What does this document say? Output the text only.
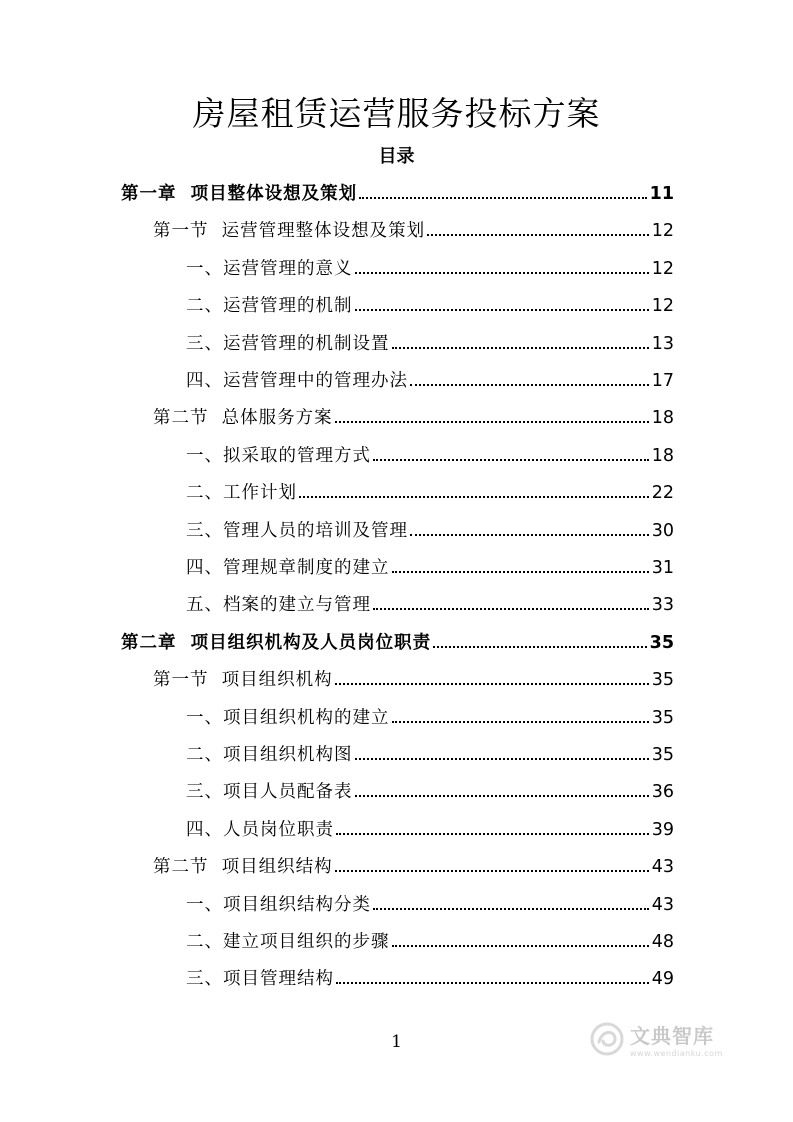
房屋租赁运营服务投标方案
目录
第一章  项目整体设想及策划	11
第一节  运营管理整体设想及策划	12
一、运营管理的意义	12
二、运营管理的机制	12
三、运营管理的机制设置	13
四、运营管理中的管理办法	17
第二节  总体服务方案	18
一、拟采取的管理方式	18
二、工作计划	22
三、管理人员的培训及管理	30
四、管理规章制度的建立	31
五、档案的建立与管理	33
第二章  项目组织机构及人员岗位职责	35
第一节  项目组织机构	35
一、项目组织机构的建立	35
二、项目组织机构图	35
三、项目人员配备表	36
四、人员岗位职责	39
第二节  项目组织结构	43
一、项目组织结构分类	43
二、建立项目组织的步骤	48
三、项目管理结构	49
1	文典智库
www.wendianku.com
